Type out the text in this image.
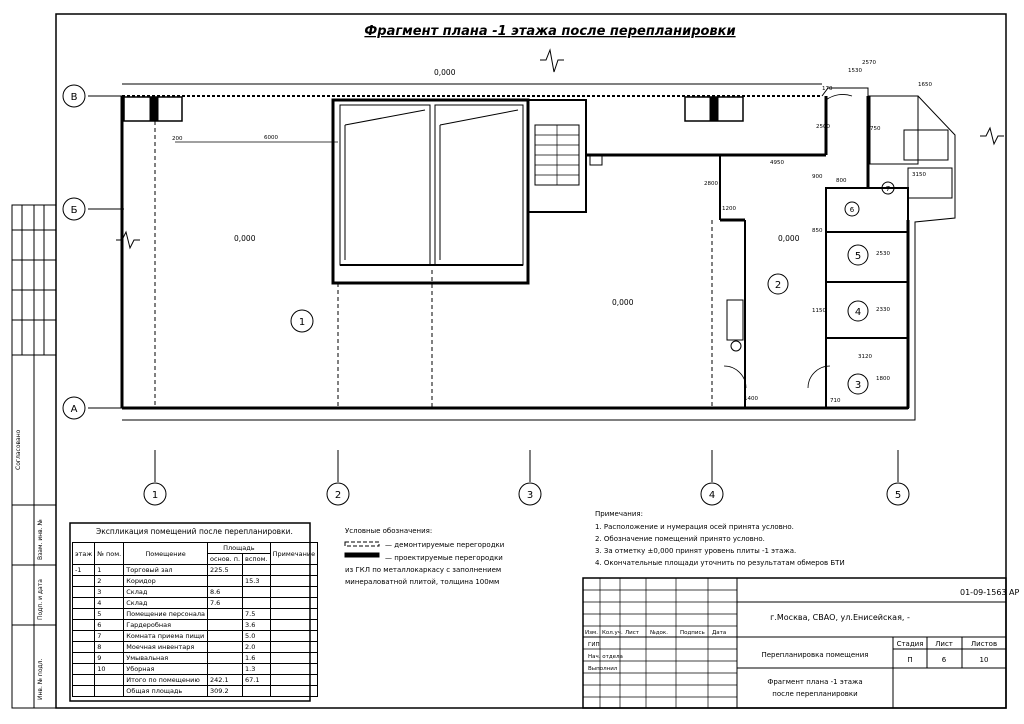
Фрагмент плана -1 этажа после перепланировки
В
Б
А
1	2	3	4	5
1
2
3
4
5
6
7
0,000
0,000
0,000
0,000
2570
1530
1650
170
6000
200
2500
4950
900
800
3150
2800
1200
2530
2330
3120
1800
1150
850
710
1400
750
Условные обозначения:
— демонтируемые перегородки
— проектируемые перегородки
из ГКЛ по металлокаркасу с заполнением
минераловатной плитой, толщина 100мм
Примечания:
1. Расположение и нумерация осей принята условно.
2. Обозначение помещений принято условно.
3. За отметку ±0,000 принят уровень плиты -1 этажа.
4. Окончательные площади уточнить по результатам обмеров БТИ
01-09-1563 АР
г.Москва, СВАО, ул.Енисейская, -
Перепланировка помещения
Фрагмент плана -1 этажа
после перепланировки
Стадия Лист	Листов
П	6	10
Изм. Кол.уч. Лист №док. Подпись Дата
ГИП
Нач. отдела
Выполнил
Согласовано
Взам. инв. №
Подп. и дата
Инв. № подл.
Экспликация помещений после перепланировки.
этаж	№ пом.	Помещение	Площадь		Примечание
			основ. п.	вспом.	
-1	1	Торговый зал	225.5		
	2	Коридор		15.3	
	3	Склад	8.6		
	4	Склад	7.6		
	5	Помещение персонала		7.5	
	6	Гардеробная		3.6	
	7	Комната приема пищи		5.0	
	8	Моечная инвентаря		2.0	
	9	Умывальная		1.6	
	10	Уборная		1.3	
		Итого по помещению	242.1	67.1	
		Общая площадь	309.2		
